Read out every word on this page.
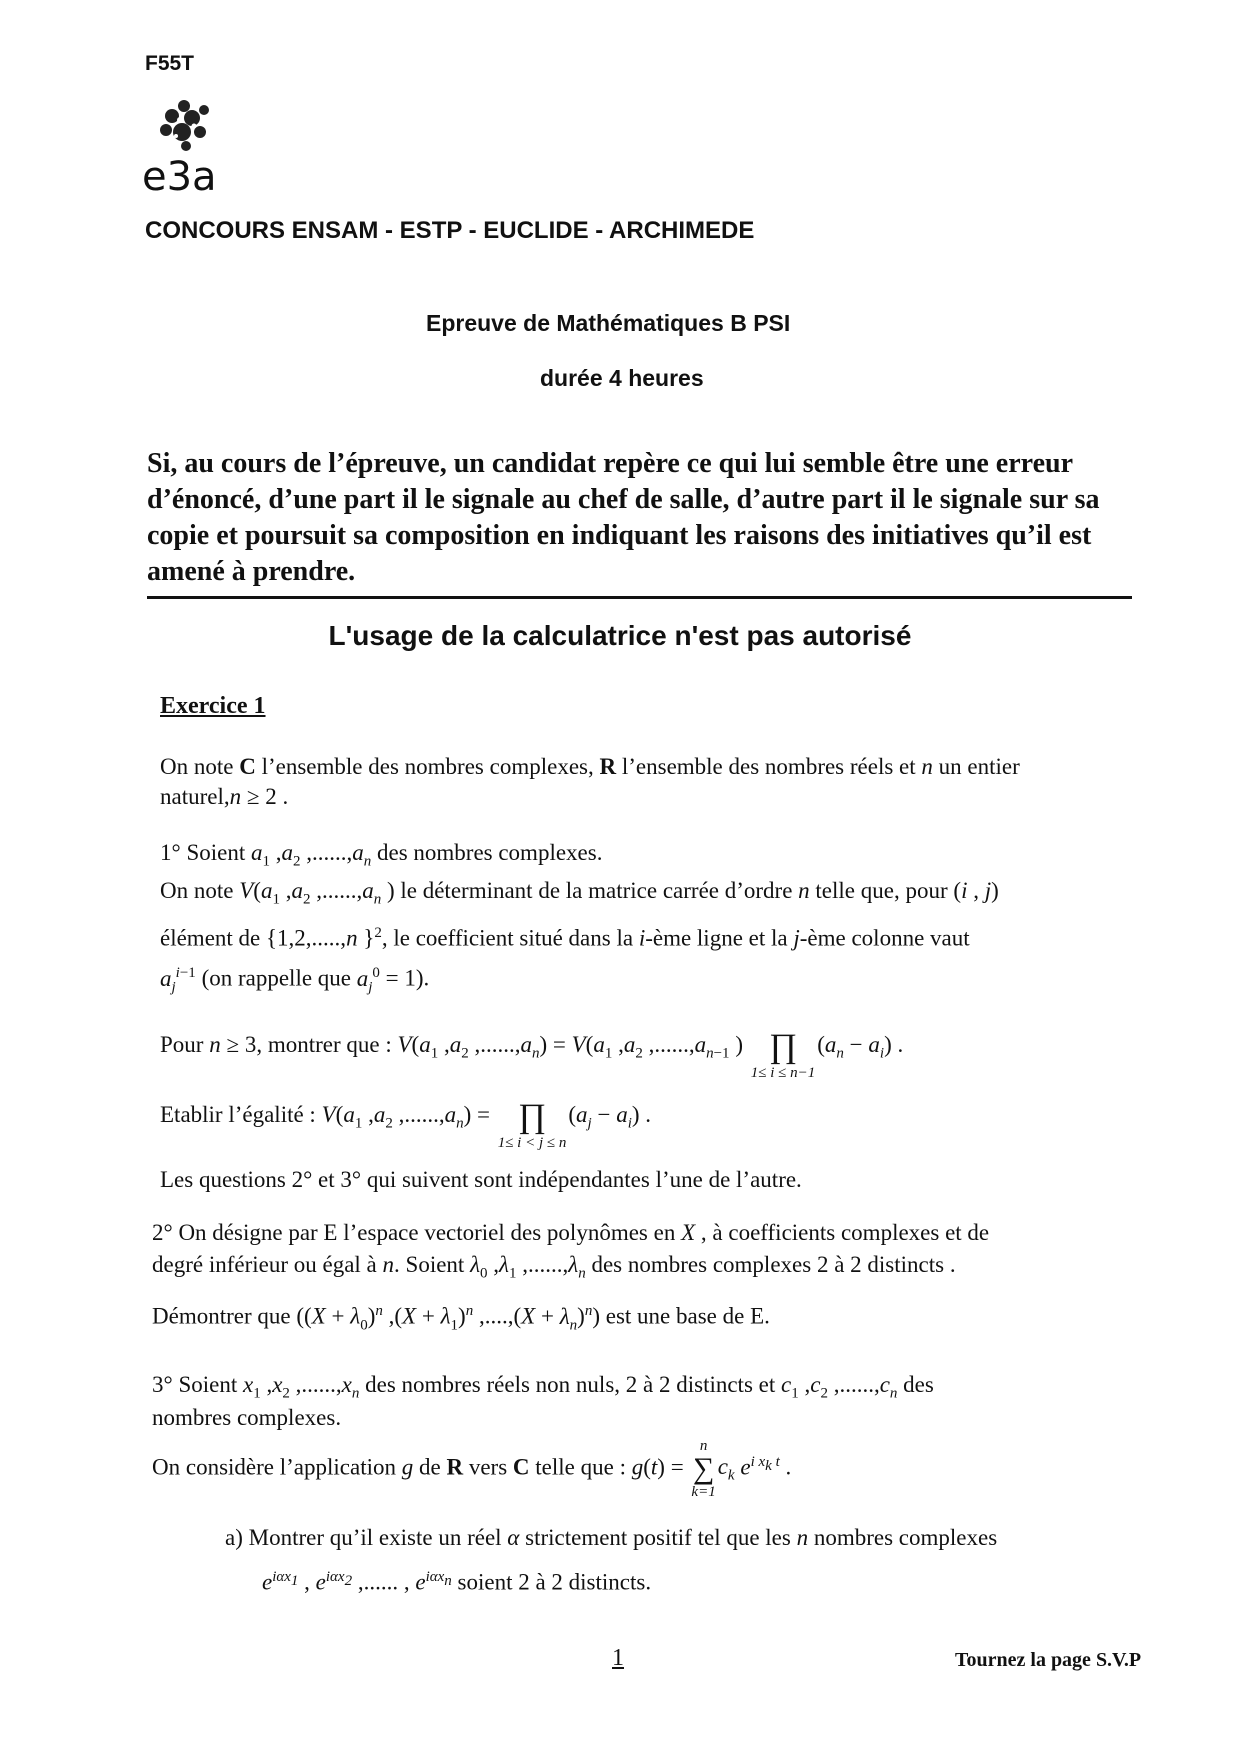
F55T
e3a
CONCOURS ENSAM - ESTP - EUCLIDE - ARCHIMEDE
Epreuve de Mathématiques B PSI
durée 4 heures
Si, au cours de l’épreuve, un candidat repère ce qui lui semble être une erreur d’énoncé, d’une part il le signale au chef de salle, d’autre part il le signale sur sa copie et poursuit sa composition en indiquant les raisons des initiatives qu’il est amené à prendre.
L'usage de la calculatrice n'est pas autorisé
Exercice 1
On note C l’ensemble des nombres complexes, R l’ensemble des nombres réels et n un entier
naturel,n ≥ 2 .
1° Soient $a_1$ $,a_2$ $,......,a_n$ des nombres complexes.
On note $V(a_1$ $,a_2$ $,......,a_n$ ) le déterminant de la matrice carrée d’ordre n telle que, pour (i , j)
élément de {1,2,.....,n }$^2$, le coefficient situé dans la i-ème ligne et la j-ème colonne vaut
$a_j^{i-1}$ (on rappelle que $a_j^0 = 1$).
Pour n ≥ 3, montrer que : $V(a_1$ $,a_2$ $,......,a_n) = V(a_1$ $,a_2$ $,......,a_{n-1}$ ) ∏
1≤ i ≤ n−1
$(a_n - a_i)$ .
Etablir l’égalité : $V(a_1$ $,a_2$ $,......,a_n$) = ∏
1≤ i < j ≤ n
$(a_j - a_i)$ .
Les questions 2° et 3° qui suivent sont indépendantes l’une de l’autre.
2° On désigne par E l’espace vectoriel des polynômes en X , à coefficients complexes et de
degré inférieur ou égal à n. Soient $\lambda_0$ $,\lambda_1$ $,......,\lambda_n$ des nombres complexes 2 à 2 distincts .
Démontrer que ($(X + \lambda_0)^n$ $,(X + \lambda_1)^n$ $,....,(X + \lambda_n)^n$) est une base de E.
3° Soient $x_1$ $,x_2$ $,......,x_n$ des nombres réels non nuls, 2 à 2 distincts et $c_1$ $,c_2$ $,......,c_n$ des
nombres complexes.
On considère l’application g de R vers C telle que : g(t) =
n
∑
k=1
$c_k$ $e^{i x_k t}$ .
a) Montrer qu’il existe un réel α strictement positif tel que les n nombres complexes
$e^{i\alpha x_1}$ , $e^{i\alpha x_2}$ ,...... , $e^{i\alpha x_n}$ soient 2 à 2 distincts.
1	Tournez la page S.V.P
